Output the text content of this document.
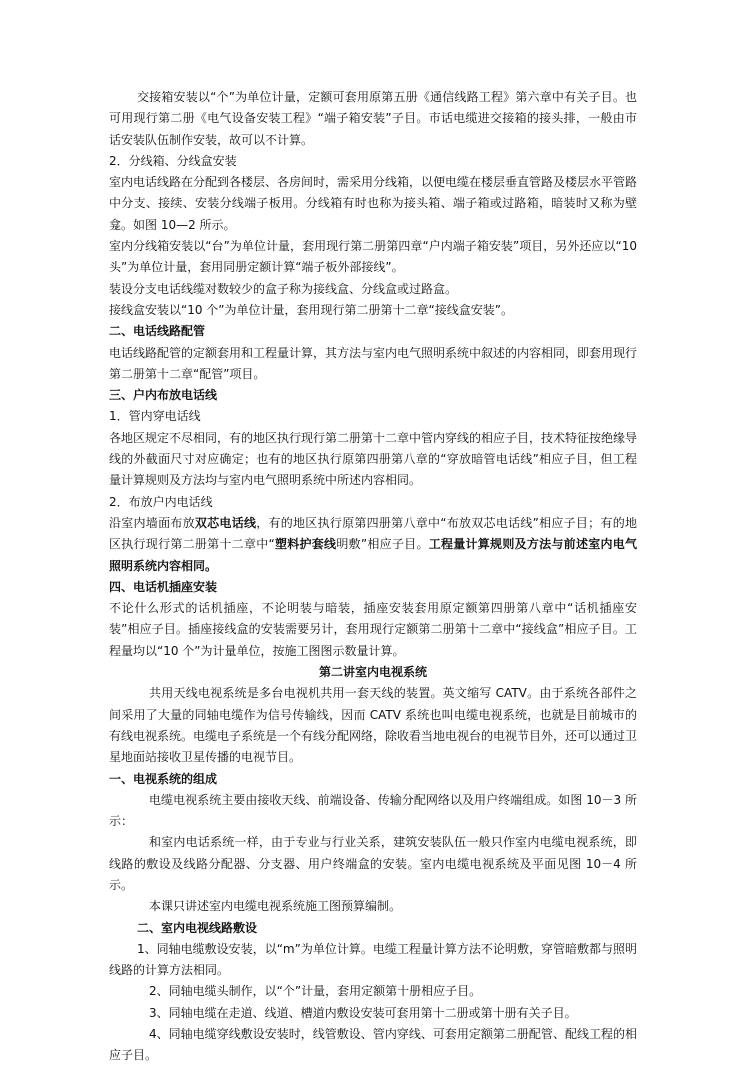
交接箱安装以“个”为单位计量，定额可套用原第五册《通信线路工程》第六章中有关子目。也可用现行第二册《电气设备安装工程》“端子箱安装”子目。市话电缆进交接箱的接头排，一般由市话安装队伍制作安装，故可以不计算。

2．分线箱、分线盒安装

室内电话线路在分配到各楼层、各房间时，需采用分线箱，以便电缆在楼层垂直管路及楼层水平管路中分支、接续、安装分线端子板用。分线箱有时也称为接头箱、端子箱或过路箱，暗装时又称为壁龛。如图 10—2 所示。

室内分线箱安装以“台”为单位计量，套用现行第二册第四章“户内端子箱安装”项目，另外还应以“10 头”为单位计量，套用同册定额计算“端子板外部接线”。

装设分支电话线缆对数较少的盒子称为接线盒、分线盒或过路盒。

接线盒安装以“10 个”为单位计量，套用现行第二册第十二章“接线盒安装”。

二、电话线路配管

电话线路配管的定额套用和工程量计算，其方法与室内电气照明系统中叙述的内容相同，即套用现行第二册第十二章“配管”项目。

三、户内布放电话线

1．管内穿电话线

各地区规定不尽相同，有的地区执行现行第二册第十二章中管内穿线的相应子目，技术特征按绝缘导线的外截面尺寸对应确定；也有的地区执行原第四册第八章的“穿放暗管电话线”相应子目，但工程量计算规则及方法均与室内电气照明系统中所述内容相同。

2．布放户内电话线

沿室内墙面布放双芯电话线，有的地区执行原第四册第八章中“布放双芯电话线”相应子目；有的地区执行现行第二册第十二章中“塑料护套线明敷”相应子目。工程量计算规则及方法与前述室内电气照明系统内容相同。

四、电话机插座安装

不论什么形式的话机插座，不论明装与暗装，插座安装套用原定额第四册第八章中“话机插座安装”相应子目。插座接线盒的安装需要另计，套用现行定额第二册第十二章中“接线盒”相应子目。工程量均以“10 个”为计量单位，按施工图图示数量计算。

第二讲室内电视系统

共用天线电视系统是多台电视机共用一套天线的装置。英文缩写 CATV。由于系统各部件之间采用了大量的同轴电缆作为信号传输线，因而 CATV 系统也叫电缆电视系统，也就是目前城市的有线电视系统。电缆电子系统是一个有线分配网络，除收看当地电视台的电视节目外，还可以通过卫星地面站接收卫星传播的电视节目。

一、电视系统的组成

电缆电视系统主要由接收天线、前端设备、传输分配网络以及用户终端组成。如图 10－3 所示：

和室内电话系统一样，由于专业与行业关系，建筑安装队伍一般只作室内电缆电视系统，即线路的敷设及线路分配器、分支器、用户终端盒的安装。室内电缆电视系统及平面见图 10－4 所示。

本课只讲述室内电缆电视系统施工图预算编制。

二、室内电视线路敷设

1、同轴电缆敷设安装，以“m”为单位计算。电缆工程量计算方法不论明敷，穿管暗敷都与照明线路的计算方法相同。

2、同轴电缆头制作，以“个”计量，套用定额第十册相应子目。

3、同轴电缆在走道、线道、槽道内敷设安装可套用第十二册或第十册有关子目。

4、同轴电缆穿线敷设安装时，线管敷设、管内穿线、可套用定额第二册配管、配线工程的相应子目。
